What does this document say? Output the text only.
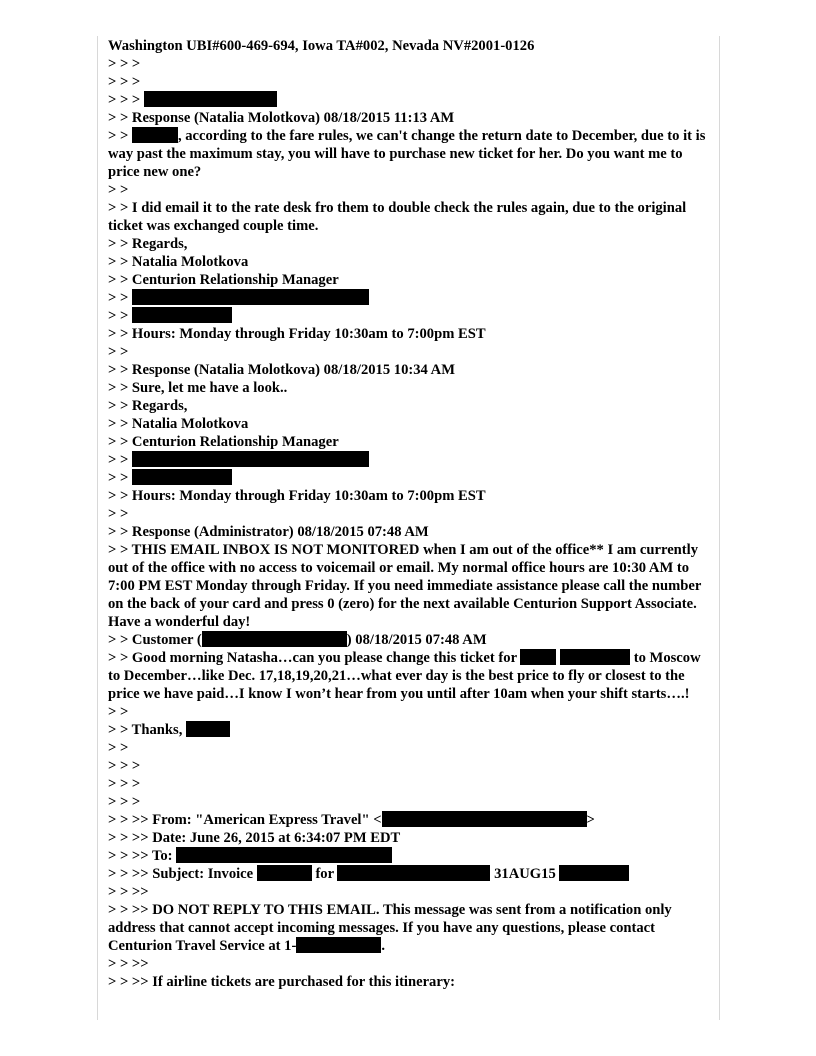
Washington UBI#600-469-694, Iowa TA#002, Nevada NV#2001-0126
> > >
> > >
> > >
> > Response (Natalia Molotkova) 08/18/2015 11:13 AM
> >	, according to the fare rules, we can't change the return date to December, due to it is way past the maximum stay, you will have to purchase new ticket for her. Do you want me to price new one?
> >
> > I did email it to the rate desk fro them to double check the rules again, due to the original ticket was exchanged couple time.
> > Regards,
> > Natalia Molotkova
> > Centurion Relationship Manager
> >
> >
> > Hours: Monday through Friday 10:30am to 7:00pm EST
> >
> > Response (Natalia Molotkova) 08/18/2015 10:34 AM
> > Sure, let me have a look..
> > Regards,
> > Natalia Molotkova
> > Centurion Relationship Manager
> >
> >
> > Hours: Monday through Friday 10:30am to 7:00pm EST
> >
> > Response (Administrator) 08/18/2015 07:48 AM
> > THIS EMAIL INBOX IS NOT MONITORED when I am out of the office** I am currently out of the office with no access to voicemail or email. My normal office hours are 10:30 AM to 7:00 PM EST Monday through Friday. If you need immediate assistance please call the number on the back of your card and press 0 (zero) for the next available Centurion Support Associate. Have a wonderful day!
> > Customer (	) 08/18/2015 07:48 AM
> > Good morning Natasha…can you please change this ticket for	to Moscow to December…like Dec. 17,18,19,20,21…what ever day is the best price to fly or closest to the price we have paid…I know I won’t hear from you until after 10am when your shift starts….!
> >
> > Thanks,
> >
> > >
> > >
> > >
> > >> From: "American Express Travel" <	>
> > >> Date: June 26, 2015 at 6:34:07 PM EDT
> > >> To:
> > >> Subject: Invoice	for	31AUG15
> > >>
> > >> DO NOT REPLY TO THIS EMAIL. This message was sent from a notification only address that cannot accept incoming messages. If you have any questions, please contact Centurion Travel Service at 1-	.
> > >>
> > >> If airline tickets are purchased for this itinerary:
